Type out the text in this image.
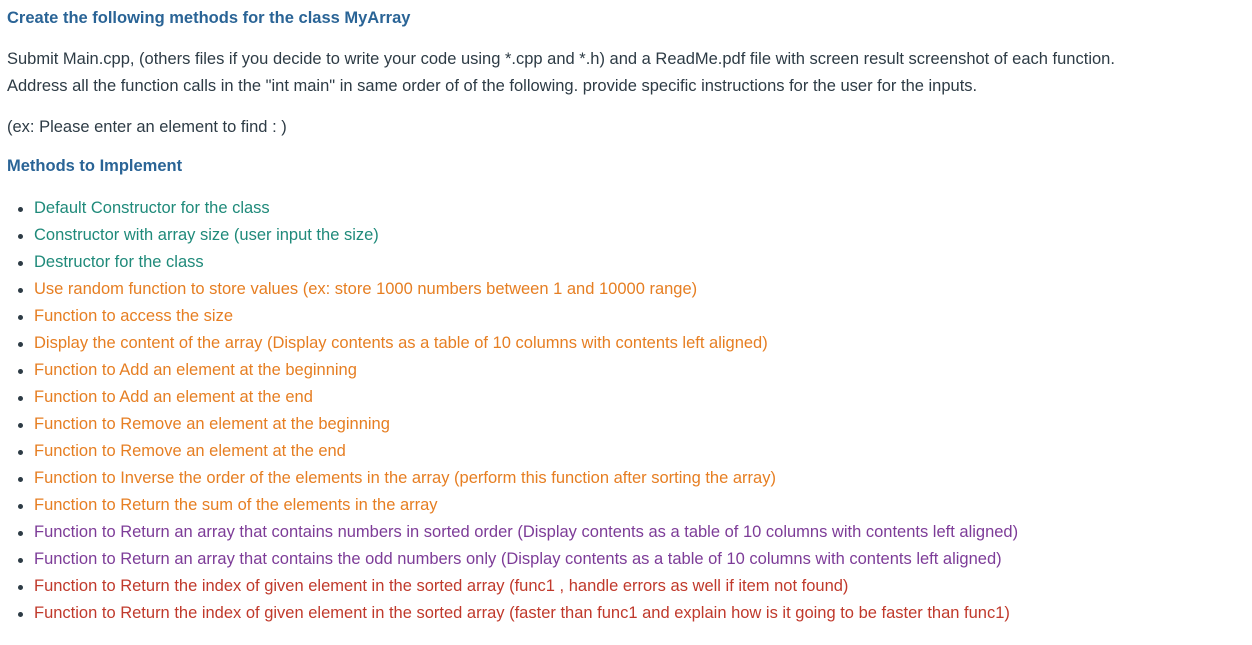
Create the following methods for the class MyArray
Submit Main.cpp, (others files if you decide to write your code using *.cpp and *.h) and a ReadMe.pdf file with screen result screenshot of each function.
Address all the function calls in the "int main" in same order of of the following. provide specific instructions for the user for the inputs.
(ex: Please enter an element to find : )
Methods to Implement
Default Constructor for the class
Constructor with array size (user input the size)
Destructor for the class
Use random function to store values (ex: store 1000 numbers between 1 and 10000 range)
Function to access the size
Display the content of the array (Display contents as a table of 10 columns with contents left aligned)
Function to Add an element at the beginning
Function to Add an element at the end
Function to Remove an element at the beginning
Function to Remove an element at the end
Function to Inverse the order of the elements in the array (perform this function after sorting the array)
Function to Return the sum of the elements in the array
Function to Return an array that contains numbers in sorted order (Display contents as a table of 10 columns with contents left aligned)
Function to Return an array that contains the odd numbers only (Display contents as a table of 10 columns with contents left aligned)
Function to Return the index of given element in the sorted array (func1 , handle errors as well if item not found)
Function to Return the index of given element in the sorted array (faster than func1 and explain how is it going to be faster than func1)
